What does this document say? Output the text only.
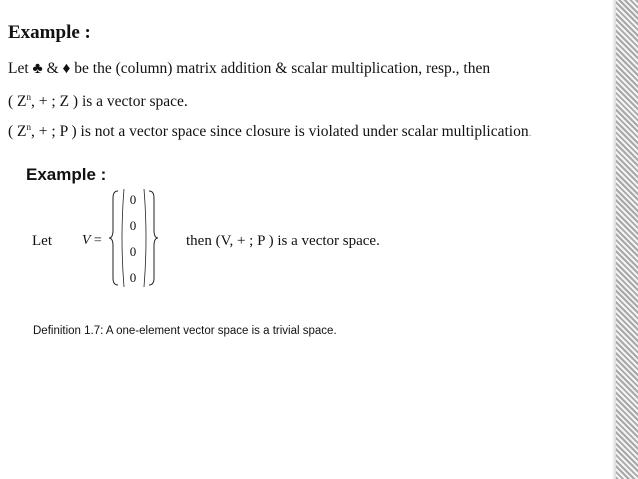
Example :
Let ♣ & ♦ be the (column) matrix addition & scalar multiplication, resp., then
( $Z^n$, + ; Z ) is a vector space.
( $Z^n$, + ; P ) is not a vector space since closure is violated under scalar multiplication.
Example :
Let V =
0
0
0
0
then (V, + ; P ) is a vector space.
Definition 1.7: A one-element vector space is a trivial space.
